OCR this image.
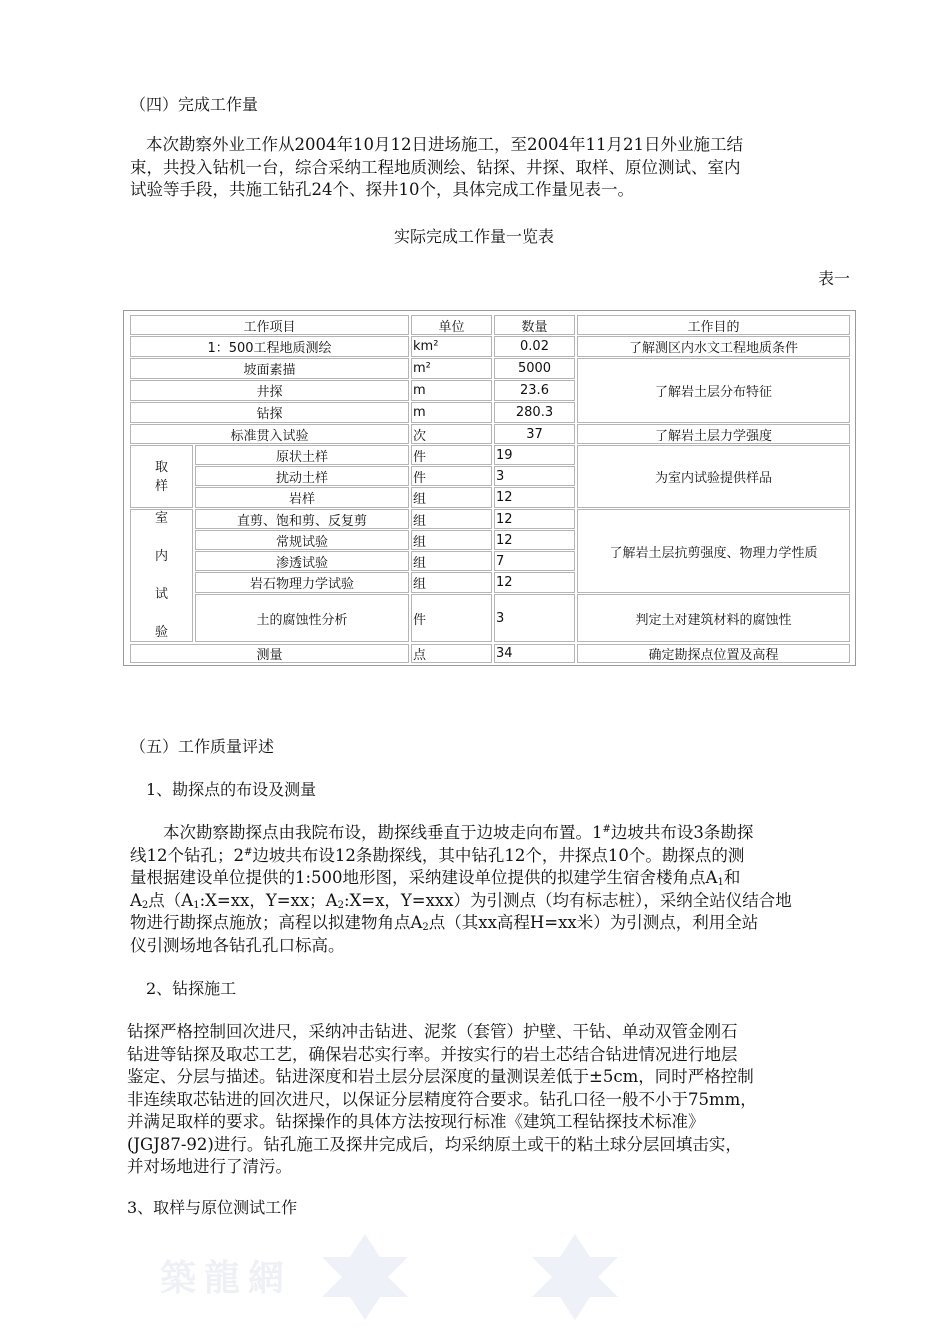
（四）完成工作量
本次勘察外业工作从2004年10月12日进场施工，至2004年11月21日外业施工结
束，共投入钻机一台，综合采纳工程地质测绘、钻探、井探、取样、原位测试、室内
试验等手段，共施工钻孔24个、探井10个，具体完成工作量见表一。
实际完成工作量一览表
表一
工作项目	单位	数量	工作目的
1：500工程地质测绘	km²	0.02	了解测区内水文工程地质条件
坡面素描	m²	5000
井探	m	23.6
钻探	m	280.3
了解岩土层分布特征
标准贯入试验	次	37	了解岩土层力学强度
取
样
原状土样	件	19
扰动土样	件	3
岩样	组	12
为室内试验提供样品
室
内
试
验
直剪、饱和剪、反复剪	组	12
常规试验	组	12
渗透试验	组	7
岩石物理力学试验	组	12
了解岩土层抗剪强度、物理力学性质
土的腐蚀性分析	件	3	判定土对建筑材料的腐蚀性
测量	点	34	确定勘探点位置及高程
（五）工作质量评述
1、勘探点的布设及测量
本次勘察勘探点由我院布设，勘探线垂直于边坡走向布置。1#边坡共布设3条勘探
线12个钻孔；2#边坡共布设12条勘探线，其中钻孔12个，井探点10个。勘探点的测
量根据建设单位提供的1:500地形图，采纳建设单位提供的拟建学生宿舍楼角点$A_1$和
$A_2$点（$A_1:X=xx$，Y=xx；$A_2:X=x$，Y=xxx）为引测点（均有标志桩），采纳全站仪结合地
物进行勘探点施放；高程以拟建物角点$A_2$点（其xx高程H=xx米）为引测点，利用全站
仪引测场地各钻孔孔口标高。
2、钻探施工
钻探严格控制回次进尺，采纳冲击钻进、泥浆（套管）护壁、干钻、单动双管金刚石
钻进等钻探及取芯工艺，确保岩芯实行率。并按实行的岩土芯结合钻进情况进行地层
鉴定、分层与描述。钻进深度和岩土层分层深度的量测误差低于±5cm，同时严格控制
非连续取芯钻进的回次进尺，以保证分层精度符合要求。钻孔口径一般不小于75mm，
并满足取样的要求。钻探操作的具体方法按现行标准《建筑工程钻探技术标准》
(JGJ87-92)进行。钻孔施工及探井完成后，均采纳原土或干的粘土球分层回填击实，
并对场地进行了清污。
3、取样与原位测试工作
築龍網
